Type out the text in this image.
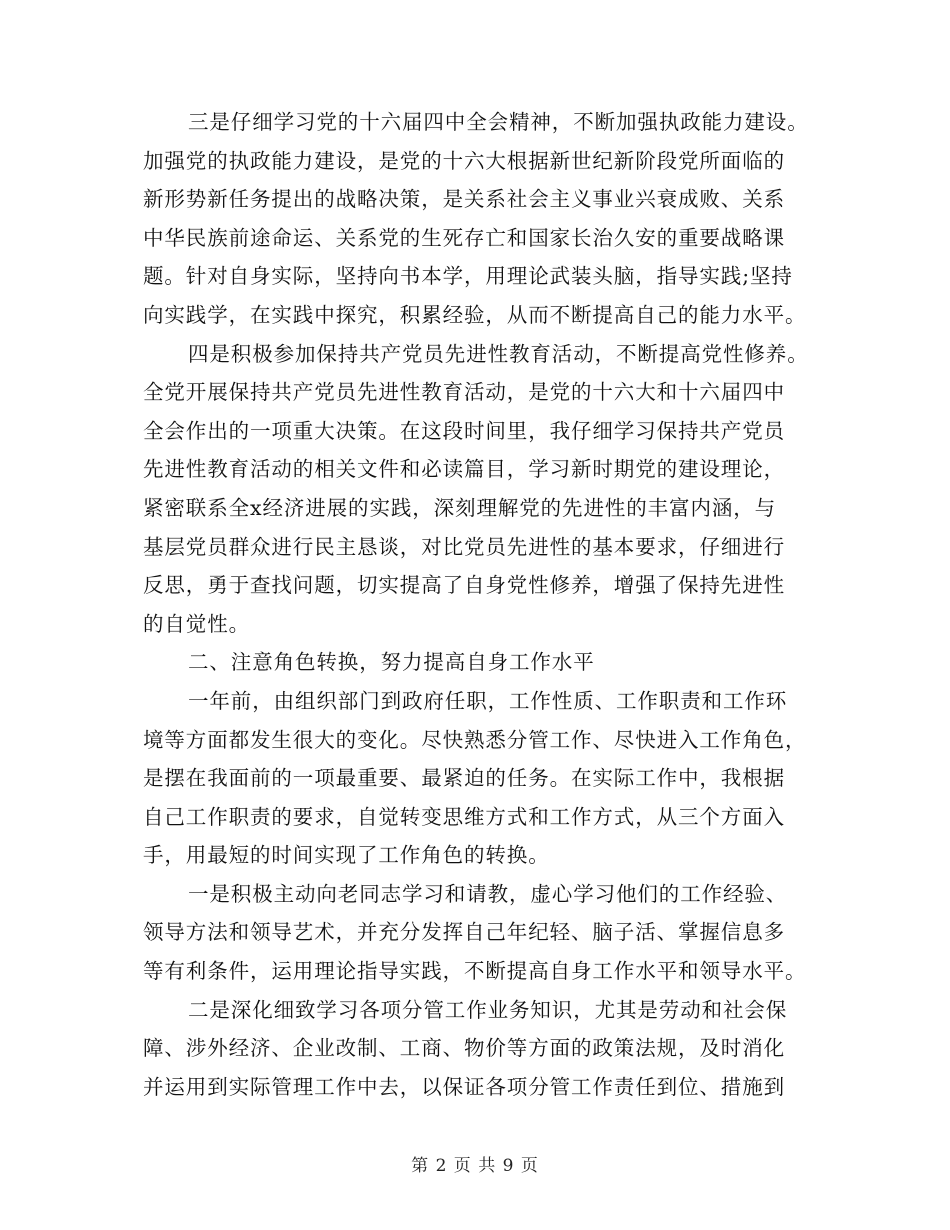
三是仔细学习党的十六届四中全会精神，不断加强执政能力建设。
加强党的执政能力建设，是党的十六大根据新世纪新阶段党所面临的
新形势新任务提出的战略决策，是关系社会主义事业兴衰成败、关系
中华民族前途命运、关系党的生死存亡和国家长治久安的重要战略课
题。针对自身实际，坚持向书本学，用理论武装头脑，指导实践;坚持
向实践学，在实践中探究，积累经验，从而不断提高自己的能力水平。
四是积极参加保持共产党员先进性教育活动，不断提高党性修养。
全党开展保持共产党员先进性教育活动，是党的十六大和十六届四中
全会作出的一项重大决策。在这段时间里，我仔细学习保持共产党员
先进性教育活动的相关文件和必读篇目，学习新时期党的建设理论，
紧密联系全x经济进展的实践，深刻理解党的先进性的丰富内涵，与
基层党员群众进行民主恳谈，对比党员先进性的基本要求，仔细进行
反思，勇于查找问题，切实提高了自身党性修养，增强了保持先进性
的自觉性。
二、注意角色转换，努力提高自身工作水平
一年前，由组织部门到政府任职，工作性质、工作职责和工作环
境等方面都发生很大的变化。尽快熟悉分管工作、尽快进入工作角色，
是摆在我面前的一项最重要、最紧迫的任务。在实际工作中，我根据
自己工作职责的要求，自觉转变思维方式和工作方式，从三个方面入
手，用最短的时间实现了工作角色的转换。
一是积极主动向老同志学习和请教，虚心学习他们的工作经验、
领导方法和领导艺术，并充分发挥自己年纪轻、脑子活、掌握信息多
等有利条件，运用理论指导实践，不断提高自身工作水平和领导水平。
二是深化细致学习各项分管工作业务知识，尤其是劳动和社会保
障、涉外经济、企业改制、工商、物价等方面的政策法规，及时消化
并运用到实际管理工作中去，以保证各项分管工作责任到位、措施到
第 2 页 共 9 页
